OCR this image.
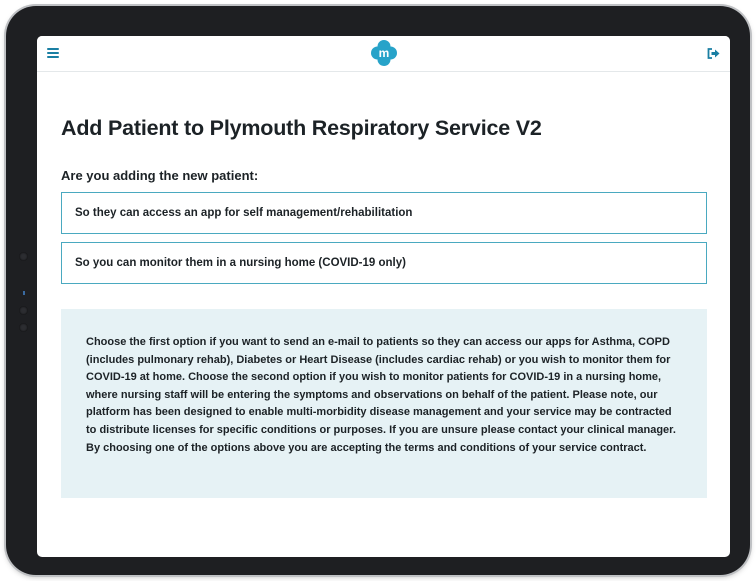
m
Add Patient to Plymouth Respiratory Service V2
Are you adding the new patient:
So they can access an app for self management/rehabilitation
So you can monitor them in a nursing home (COVID-19 only)
Choose the first option if you want to send an e-mail to patients so they can access our apps for Asthma, COPD (includes pulmonary rehab), Diabetes or Heart Disease (includes cardiac rehab) or you wish to monitor them for COVID-19 at home. Choose the second option if you wish to monitor patients for COVID-19 in a nursing home, where nursing staff will be entering the symptoms and observations on behalf of the patient. Please note, our platform has been designed to enable multi-morbidity disease management and your service may be contracted to distribute licenses for specific conditions or purposes. If you are unsure please contact your clinical manager. By choosing one of the options above you are accepting the terms and conditions of your service contract.
